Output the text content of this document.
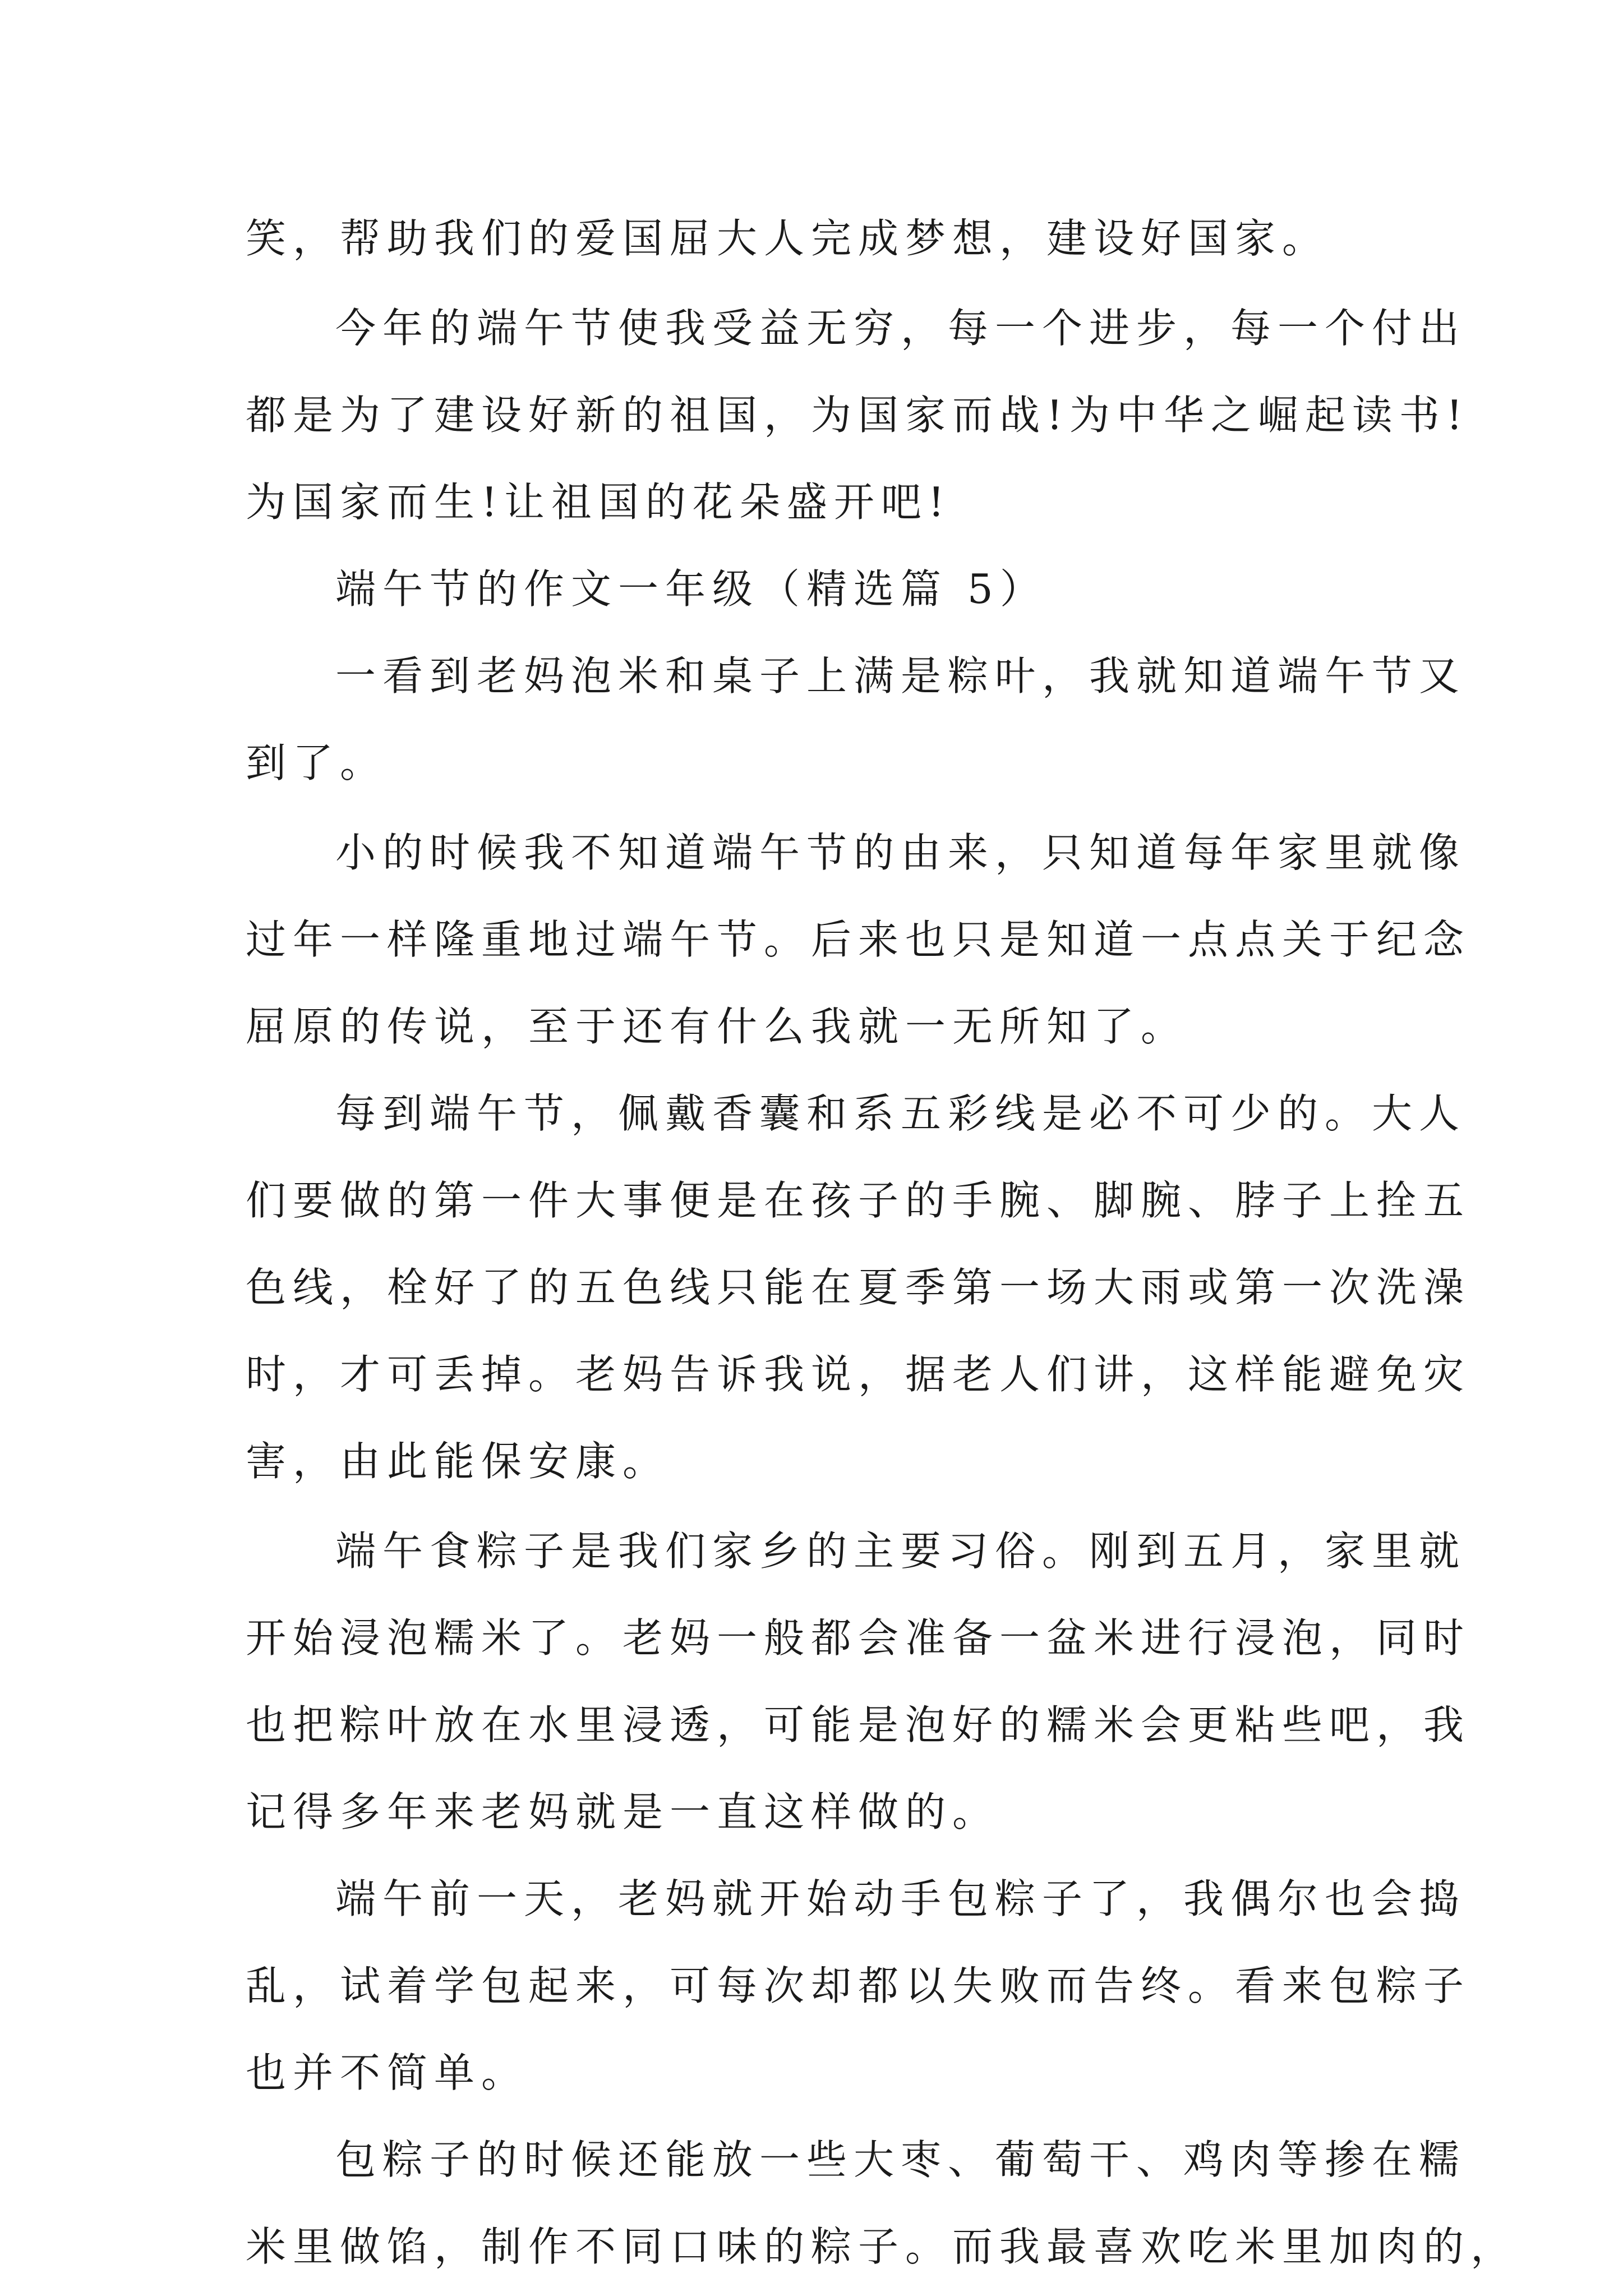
笑，帮助我们的爱国屈大人完成梦想，建设好国家。
今年的端午节使我受益无穷，每一个进步，每一个付出
都是为了建设好新的祖国，为国家而战!为中华之崛起读书!
为国家而生!让祖国的花朵盛开吧!
端午节的作文一年级（精选篇 5）
一看到老妈泡米和桌子上满是粽叶，我就知道端午节又
到了。
小的时候我不知道端午节的由来，只知道每年家里就像
过年一样隆重地过端午节。后来也只是知道一点点关于纪念
屈原的传说，至于还有什么我就一无所知了。
每到端午节，佩戴香囊和系五彩线是必不可少的。大人
们要做的第一件大事便是在孩子的手腕、脚腕、脖子上拴五
色线，栓好了的五色线只能在夏季第一场大雨或第一次洗澡
时，才可丢掉。老妈告诉我说，据老人们讲，这样能避免灾
害，由此能保安康。
端午食粽子是我们家乡的主要习俗。刚到五月，家里就
开始浸泡糯米了。老妈一般都会准备一盆米进行浸泡，同时
也把粽叶放在水里浸透，可能是泡好的糯米会更粘些吧，我
记得多年来老妈就是一直这样做的。
端午前一天，老妈就开始动手包粽子了，我偶尔也会捣
乱，试着学包起来，可每次却都以失败而告终。看来包粽子
也并不简单。
包粽子的时候还能放一些大枣、葡萄干、鸡肉等掺在糯
米里做馅，制作不同口味的粽子。而我最喜欢吃米里加肉的，
